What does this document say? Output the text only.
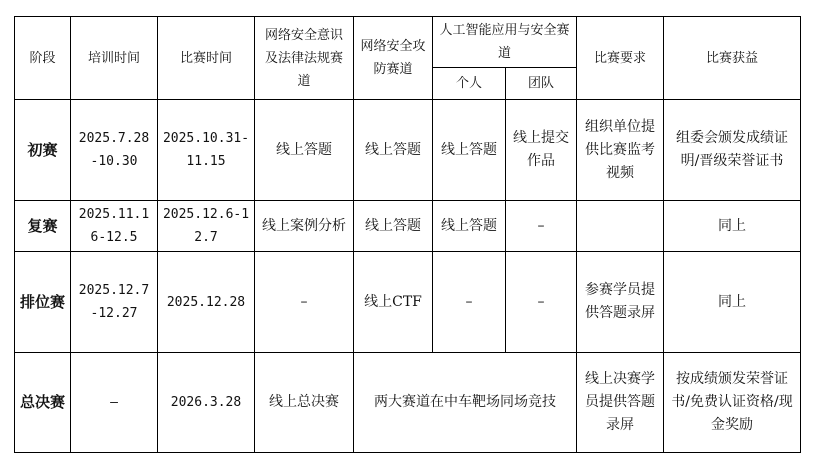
阶段	培训时间	比赛时间	网络安全意识及法律法规赛道	网络安全攻防赛道	人工智能应用与安全赛道		比赛要求	比赛获益
					个人	团队		
初赛	2025.7.28-10.30	2025.10.31-11.15	线上答题	线上答题	线上答题	线上提交作品	组织单位提供比赛监考视频	组委会颁发成绩证明/晋级荣誉证书
复赛	2025.11.16-12.5	2025.12.6-12.7	线上案例分析	线上答题	线上答题	–		同上
排位赛	2025.12.7-12.27	2025.12.28	–	线上CTF	–	–	参赛学员提供答题录屏	同上
总决赛	–	2026.3.28	线上总决赛	两大赛道在中车靶场同场竞技			线上决赛学员提供答题录屏	按成绩颁发荣誉证书/免费认证资格/现金奖励
